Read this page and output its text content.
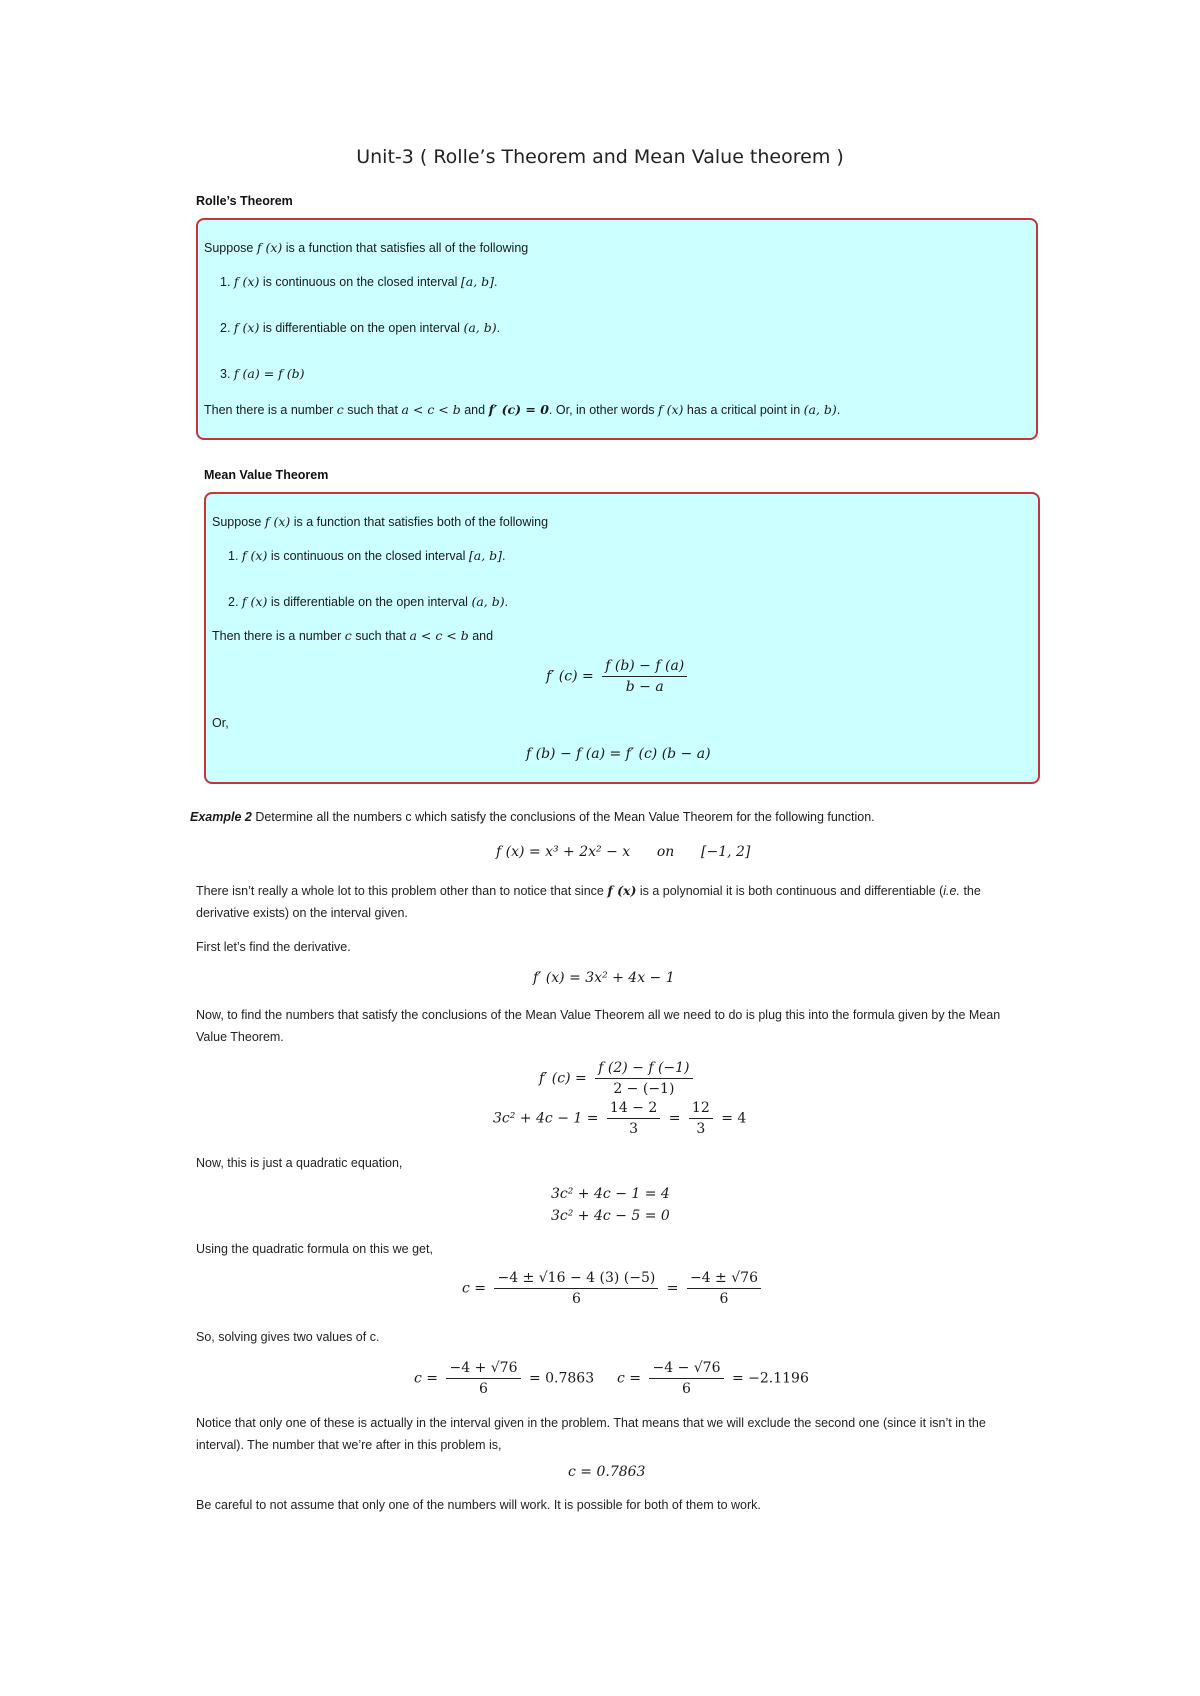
Unit-3 ( Rolle’s Theorem and Mean Value theorem )
Rolle’s Theorem
Suppose f (x) is a function that satisfies all of the following
1. f (x) is continuous on the closed interval [a, b].
2. f (x) is differentiable on the open interval (a, b).
3. f (a) = f (b)
Then there is a number c such that a < c < b and f′ (c) = 0. Or, in other words f (x) has a critical point in (a, b).
Mean Value Theorem
Suppose f (x) is a function that satisfies both of the following
1. f (x) is continuous on the closed interval [a, b].
2. f (x) is differentiable on the open interval (a, b).
Then there is a number c such that a < c < b and
f′ $(c) = \frac{f (b) - f (a)}{b - a}$
Or,
f (b) − f (a) = f′ (c) (b − a)
Example 2 Determine all the numbers c which satisfy the conclusions of the Mean Value Theorem for the following function.
f (x) = x³ + 2x² − x      on      [−1, 2]
There isn’t really a whole lot to this problem other than to notice that since f (x) is a polynomial it is both continuous and differentiable (i.e. the derivative exists) on the interval given.
First let’s find the derivative.
f′ (x) = 3x² + 4x − 1
Now, to find the numbers that satisfy the conclusions of the Mean Value Theorem all we need to do is plug this into the formula given by the Mean Value Theorem.
f′ $(c) = \frac{f (2) - f (-1)}{2 - (-1)}$
$3c^2 + 4c - 1 = \frac{14 - 2}{3} = \frac{12}{3} = 4$
Now, this is just a quadratic equation,
3c² + 4c − 1 = 4
3c² + 4c − 5 = 0
Using the quadratic formula on this we get,
$c = \frac{-4 \pm √16 - 4 (3) (-5)}{6} = \frac{-4 \pm √76}{6}$
So, solving gives two values of c.
$c = \frac{-4 + √76}{6} = 0.7863$ $c = \frac{-4 - √76}{6} = -2.1196$
Notice that only one of these is actually in the interval given in the problem. That means that we will exclude the second one (since it isn’t in the interval). The number that we’re after in this problem is,
c = 0.7863
Be careful to not assume that only one of the numbers will work. It is possible for both of them to work.
